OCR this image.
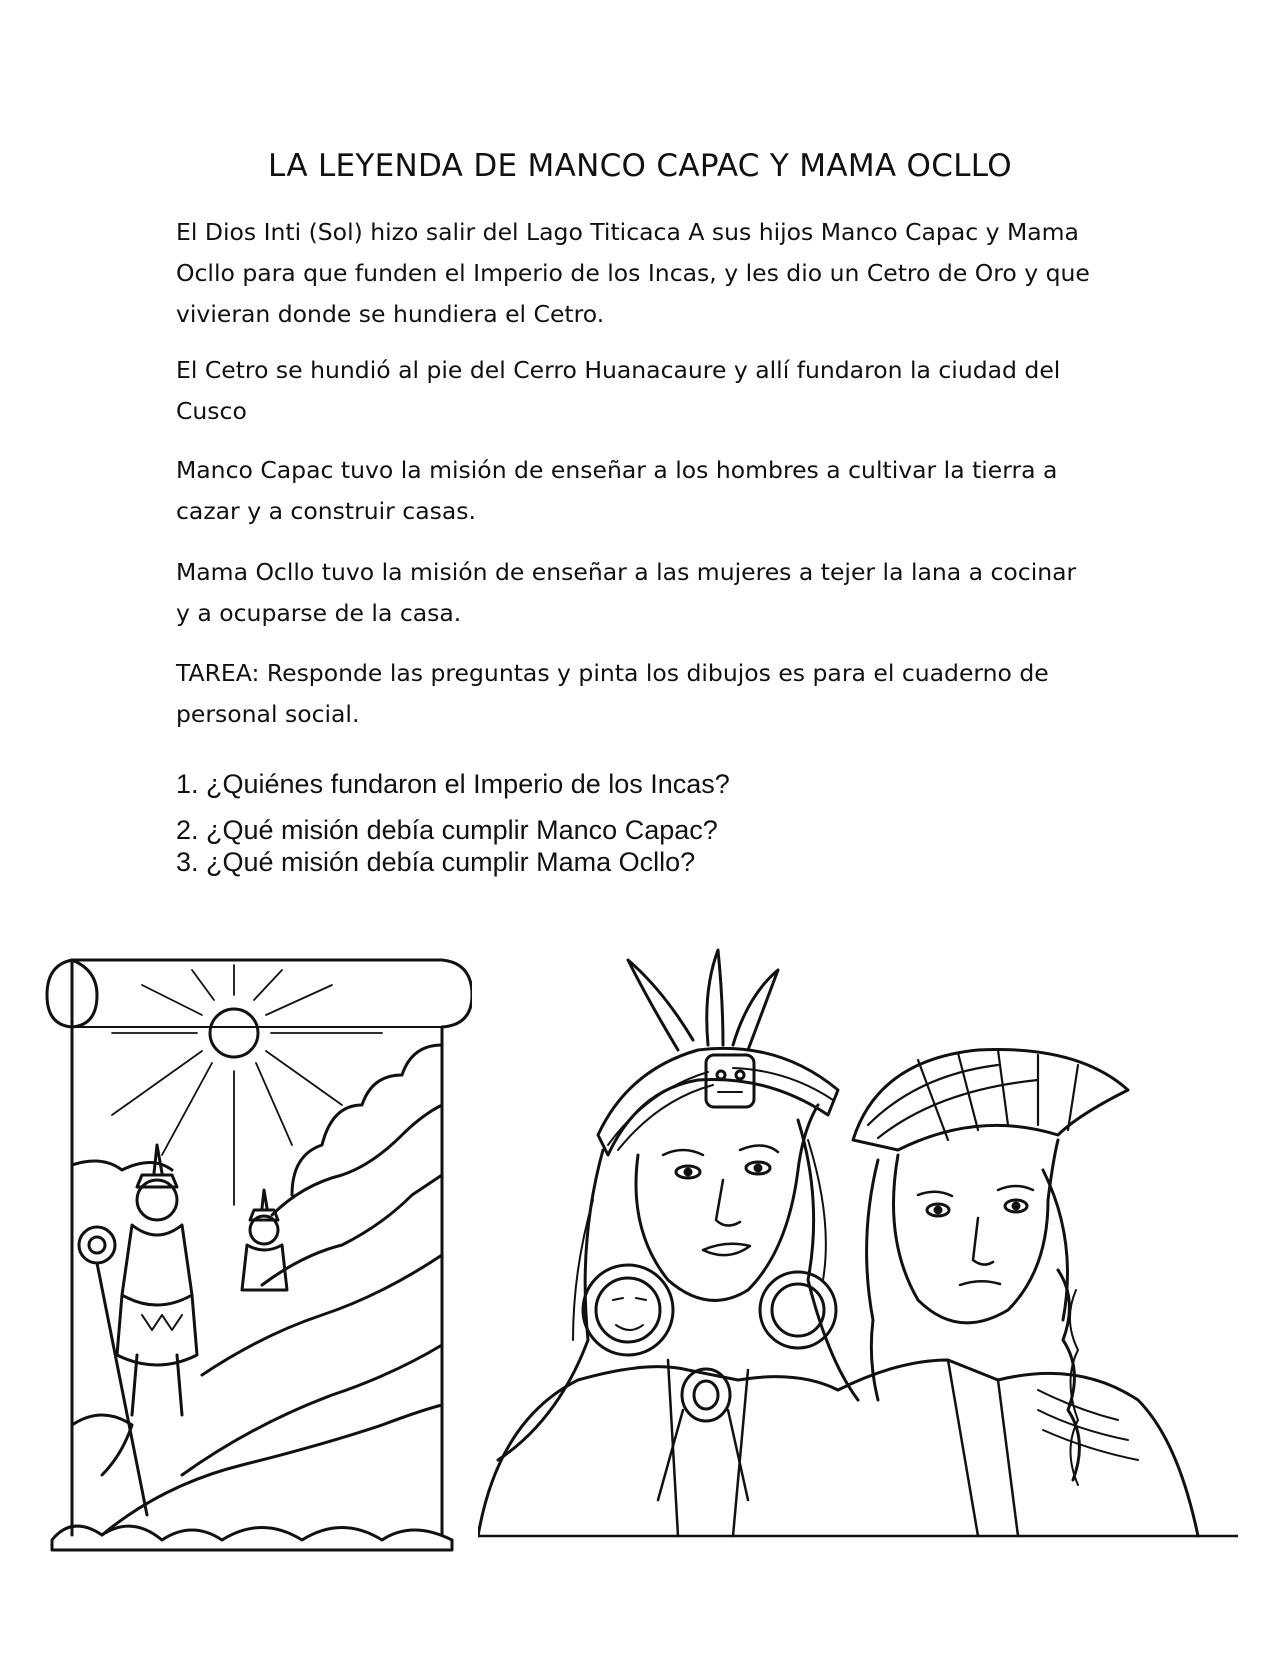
LA LEYENDA DE MANCO CAPAC Y MAMA OCLLO

El Dios Inti (Sol) hizo salir del Lago Titicaca A sus hijos Manco Capac y Mama Ocllo para que funden el Imperio de los Incas, y les dio un Cetro de Oro y que vivieran donde se hundiera el Cetro.

El Cetro se hundió al pie del Cerro Huanacaure y allí fundaron la ciudad del Cusco

Manco Capac tuvo la misión de enseñar a los hombres a cultivar la tierra a cazar y a construir casas.

Mama Ocllo tuvo la misión de enseñar a las mujeres a tejer la lana a cocinar y a ocuparse de la casa.

TAREA: Responde las preguntas y pinta los dibujos es para el cuaderno de personal social.

1. ¿Quiénes fundaron el Imperio de los Incas?

2. ¿Qué misión debía cumplir Manco Capac?

3. ¿Qué misión debía cumplir Mama Ocllo?
